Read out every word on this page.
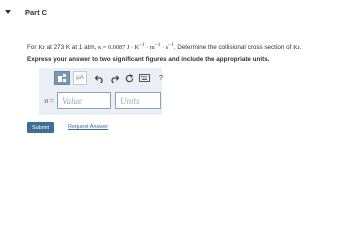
Part C
For Kr at 273 K at 1 atm, κ = 0.0087 $J \cdot K^{-1} \cdot m^{-1} \cdot s^{-1}$. Determine the collisional cross section of Kr.
Express your answer to two significant figures and include the appropriate units.
μA	?
σ = Value	Units
Submit	Request Answer
